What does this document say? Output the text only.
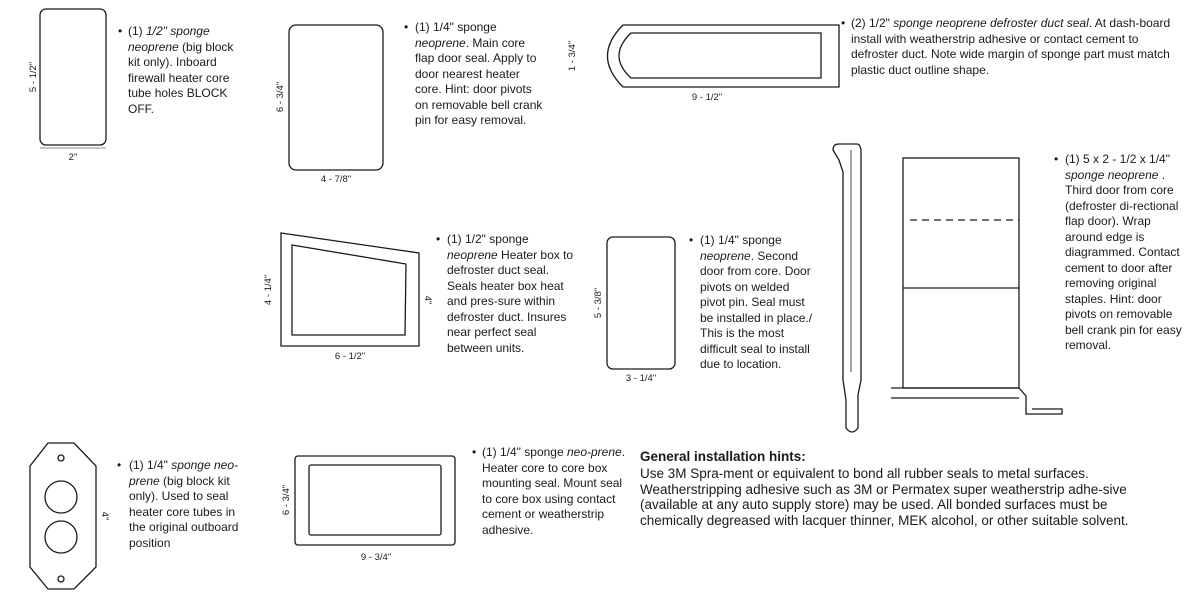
5 - 1/2"
2"
6 - 3/4"
4 - 7/8"
1 - 3/4"
9 - 1/2"
4 - 1/4"	4"
6 - 1/2"
5 - 3/8"
3 - 1/4"
4"
6 - 3/4"
9 - 3/4"
• (1) 1/2" sponge neoprene (big block kit only). Inboard firewall heater core tube holes BLOCK OFF.

• (1) 1/4" sponge neoprene. Main core flap door seal. Apply to door nearest heater core. Hint: door pivots on removable bell crank pin for easy removal.

• (2) 1/2" sponge neoprene defroster duct seal. At dash-board install with weatherstrip adhesive or contact cement to defroster duct. Note wide margin of sponge part must match plastic duct outline shape.

• (1) 1/2" sponge neoprene Heater box to defroster duct seal. Seals heater box heat and pres-sure within defroster duct. Insures near perfect seal between units.

• (1) 1/4" sponge neoprene. Second door from core. Door pivots on welded pivot pin. Seal must be installed in place./ This is the most difficult seal to install due to location.

• (1) 5 x 2 - 1/2 x 1/4" sponge neoprene . Third door from core (defroster di-rectional flap door). Wrap around edge is diagrammed. Contact cement to door after removing original staples. Hint: door pivots on removable bell crank pin for easy removal.

• (1) 1/4" sponge neo-prene (big block kit only). Used to seal heater core tubes in the original outboard position

• (1) 1/4" sponge neo-prene. Heater core to core box mounting seal. Mount seal to core box using contact cement or weatherstrip adhesive.

General installation hints:
Use 3M Spra-ment or equivalent to bond all rubber seals to metal surfaces. Weatherstripping adhesive such as 3M or Permatex super weatherstrip adhe-sive (available at any auto supply store) may be used. All bonded surfaces must be chemically degreased with lacquer thinner, MEK alcohol, or other suitable solvent.
